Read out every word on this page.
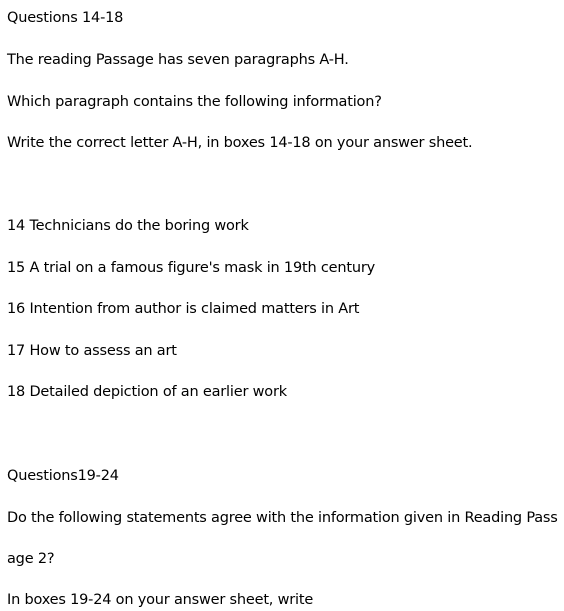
Questions 14-18
The reading Passage has seven paragraphs A-H.
Which paragraph contains the following information?
Write the correct letter A-H, in boxes 14-18 on your answer sheet.
14 Technicians do the boring work
15 A trial on a famous figure's mask in 19th century
16 Intention from author is claimed matters in Art
17 How to assess an art
18 Detailed depiction of an earlier work
Questions19-24
Do the following statements agree with the information given in Reading Pass
age 2?
In boxes 19-24 on your answer sheet, write
